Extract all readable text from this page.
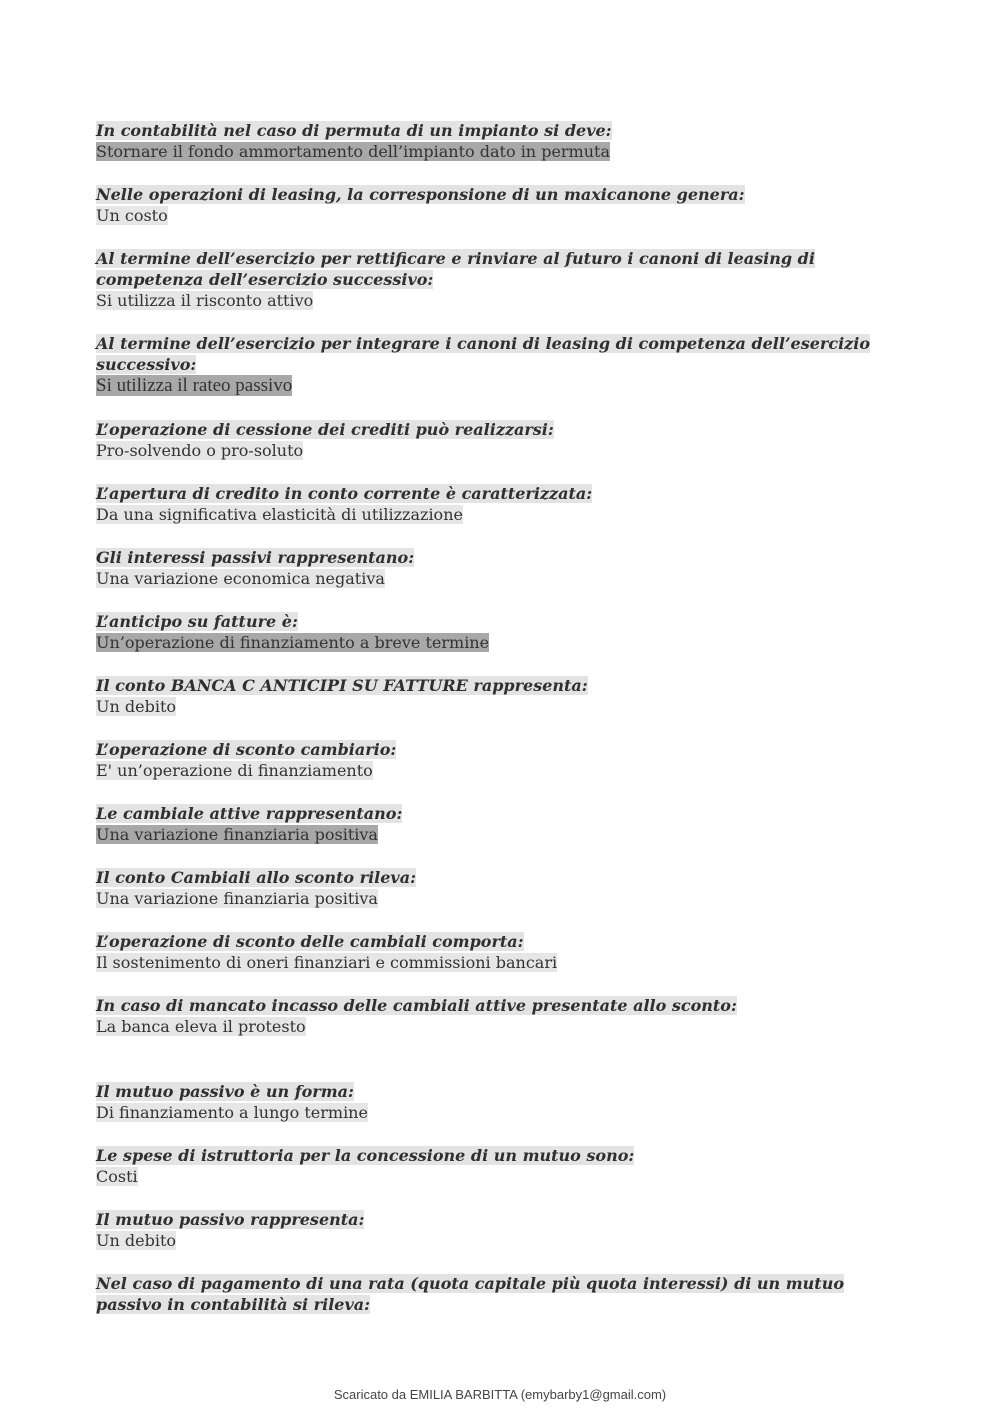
In contabilità nel caso di permuta di un impianto si deve:
Stornare il fondo ammortamento dell’impianto dato in permuta
Nelle operazioni di leasing, la corresponsione di un maxicanone genera:
Un costo
Al termine dell’esercizio per rettificare e rinviare al futuro i canoni di leasing di competenza dell’esercizio successivo:
Si utilizza il risconto attivo
Al termine dell’esercizio per integrare i canoni di leasing di competenza dell’esercizio successivo:
Si utilizza il rateo passivo
L’operazione di cessione dei crediti può realizzarsi:
Pro-solvendo o pro-soluto
L’apertura di credito in conto corrente è caratterizzata:
Da una significativa elasticità di utilizzazione
Gli interessi passivi rappresentano:
Una variazione economica negativa
L’anticipo su fatture è:
Un’operazione di finanziamento a breve termine
Il conto BANCA C ANTICIPI SU FATTURE rappresenta:
Un debito
L’operazione di sconto cambiario:
E' un’operazione di finanziamento
Le cambiale attive rappresentano:
Una variazione finanziaria positiva
Il conto Cambiali allo sconto rileva:
Una variazione finanziaria positiva
L’operazione di sconto delle cambiali comporta:
Il sostenimento di oneri finanziari e commissioni bancari
In caso di mancato incasso delle cambiali attive presentate allo sconto:
La banca eleva il protesto
Il mutuo passivo è un forma:
Di finanziamento a lungo termine
Le spese di istruttoria per la concessione di un mutuo sono:
Costi
Il mutuo passivo rappresenta:
Un debito
Nel caso di pagamento di una rata (quota capitale più quota interessi) di un mutuo passivo in contabilità si rileva:
Scaricato da EMILIA BARBITTA (emybarby1@gmail.com)
